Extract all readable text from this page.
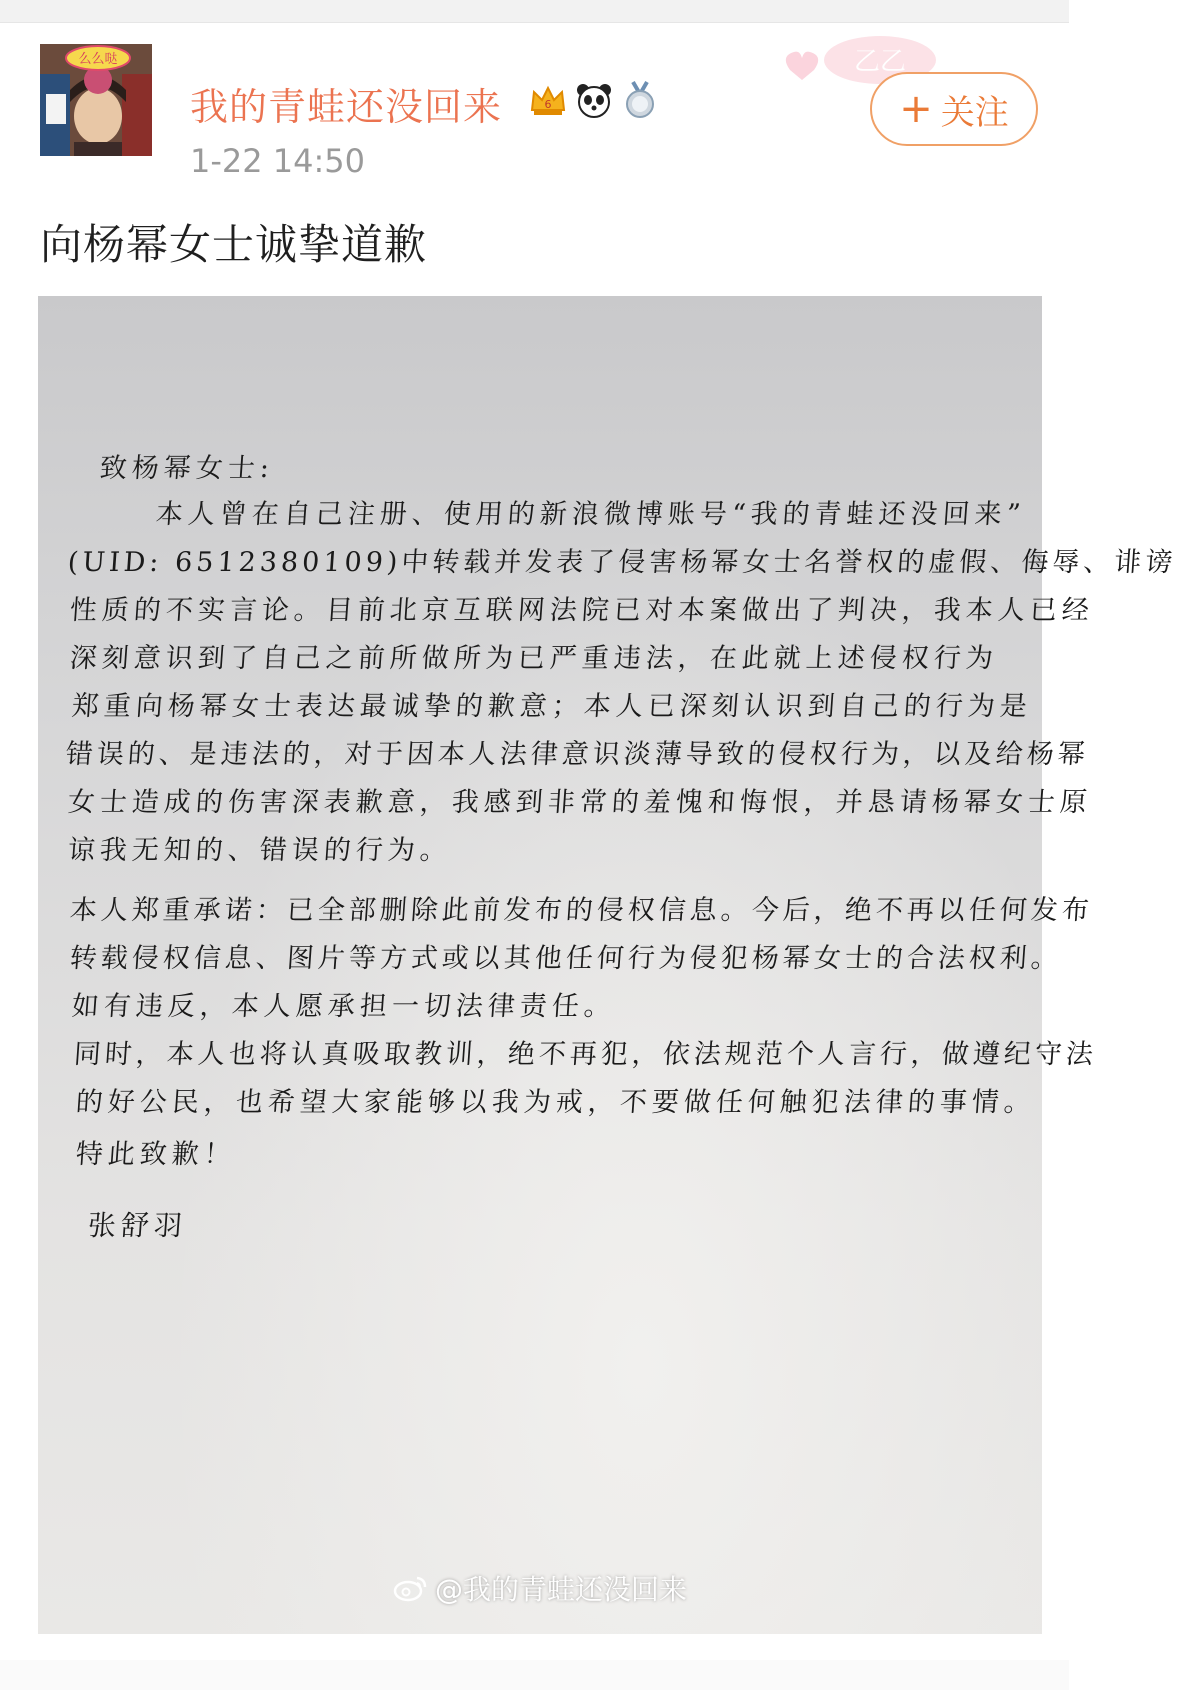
么么哒
我的青蛙还没回来	6
1-22 14:50
乙乙
+ 关注
向杨幂女士诚挚道歉
致杨幂女士:
本人曾在自己注册、使用的新浪微博账号“我的青蛙还没回来”
(UID: 6512380109)中转载并发表了侵害杨幂女士名誉权的虚假、侮辱、诽谤
性质的不实言论。目前北京互联网法院已对本案做出了判决，我本人已经
深刻意识到了自己之前所做所为已严重违法，在此就上述侵权行为
郑重向杨幂女士表达最诚挚的歉意；本人已深刻认识到自己的行为是
错误的、是违法的，对于因本人法律意识淡薄导致的侵权行为，以及给杨幂
女士造成的伤害深表歉意，我感到非常的羞愧和悔恨，并恳请杨幂女士原
谅我无知的、错误的行为。
本人郑重承诺：已全部删除此前发布的侵权信息。今后，绝不再以任何发布
转载侵权信息、图片等方式或以其他任何行为侵犯杨幂女士的合法权利。
如有违反，本人愿承担一切法律责任。
同时，本人也将认真吸取教训，绝不再犯，依法规范个人言行，做遵纪守法
的好公民，也希望大家能够以我为戒，不要做任何触犯法律的事情。
特此致歉！
张舒羽
@我的青蛙还没回来
